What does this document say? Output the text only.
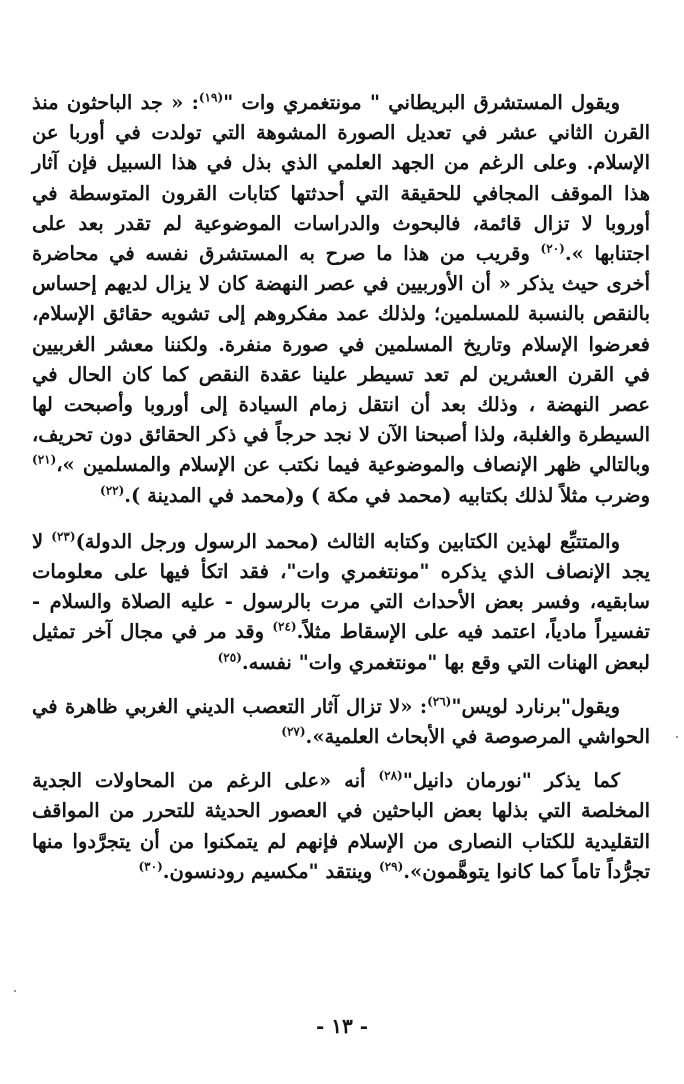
ويقول المستشرق البريطاني " مونتغمري وات "$^{(١٩)}$: « جد الباحثون منذ القرن الثاني عشر في تعديل الصورة المشوهة التي تولدت في أوربا عن الإسلام. وعلى الرغم من الجهد العلمي الذي بذل في هذا السبيل فإن آثار هذا الموقف المجافي للحقيقة التي أحدثتها كتابات القرون المتوسطة في أوروبا لا تزال قائمة، فالبحوث والدراسات الموضوعية لم تقدر بعد على اجتنابها ».$^{(٢٠)}$ وقريب من هذا ما صرح به المستشرق نفسه في محاضرة أخرى حيث يذكر « أن الأوربيين في عصر النهضة كان لا يزال لديهم إحساس بالنقص بالنسبة للمسلمين؛ ولذلك عمد مفكروهم إلى تشويه حقائق الإسلام، فعرضوا الإسلام وتاريخ المسلمين في صورة منفرة. ولكننا معشر الغربيين في القرن العشرين لم تعد تسيطر علينا عقدة النقص كما كان الحال في عصر النهضة ، وذلك بعد أن انتقل زمام السيادة إلى أوروبا وأصبحت لها السيطرة والغلبة، ولذا أصبحنا الآن لا نجد حرجاً في ذكر الحقائق دون تحريف، وبالتالي ظهر الإنصاف والموضوعية فيما نكتب عن الإسلام والمسلمين »،$^{(٢١)}$ وضرب مثلاً لذلك بكتابيه (محمد في مكة ) و(محمد في المدينة ).$^{(٢٢)}$

والمتتبِّع لهذين الكتابين وكتابه الثالث (محمد الرسول ورجل الدولة)$^{(٢٣)}$ لا يجد الإنصاف الذي يذكره "مونتغمري وات"، فقد اتكأ فيها على معلومات سابقيه، وفسر بعض الأحداث التي مرت بالرسول - عليه الصلاة والسلام - تفسيراً مادياً، اعتمد فيه على الإسقاط مثلاً.$^{(٢٤)}$ وقد مر في مجال آخر تمثيل لبعض الهنات التي وقع بها "مونتغمري وات" نفسه.$^{(٢٥)}$

ويقول"برنارد لويس"$^{(٢٦)}$: «لا تزال آثار التعصب الديني الغربي ظاهرة في الحواشي المرصوصة في الأبحاث العلمية».$^{(٢٧)}$

كما يذكر "نورمان دانيل"$^{(٢٨)}$ أنه «على الرغم من المحاولات الجدية المخلصة التي بذلها بعض الباحثين في العصور الحديثة للتحرر من المواقف التقليدية للكتاب النصارى من الإسلام فإنهم لم يتمكنوا من أن يتجرَّدوا منها تجرُّداً تاماً كما كانوا يتوهَّمون».$^{(٢٩)}$ وينتقد "مكسيم رودنسون.$^{(٣٠)}$

- ١٣ -
